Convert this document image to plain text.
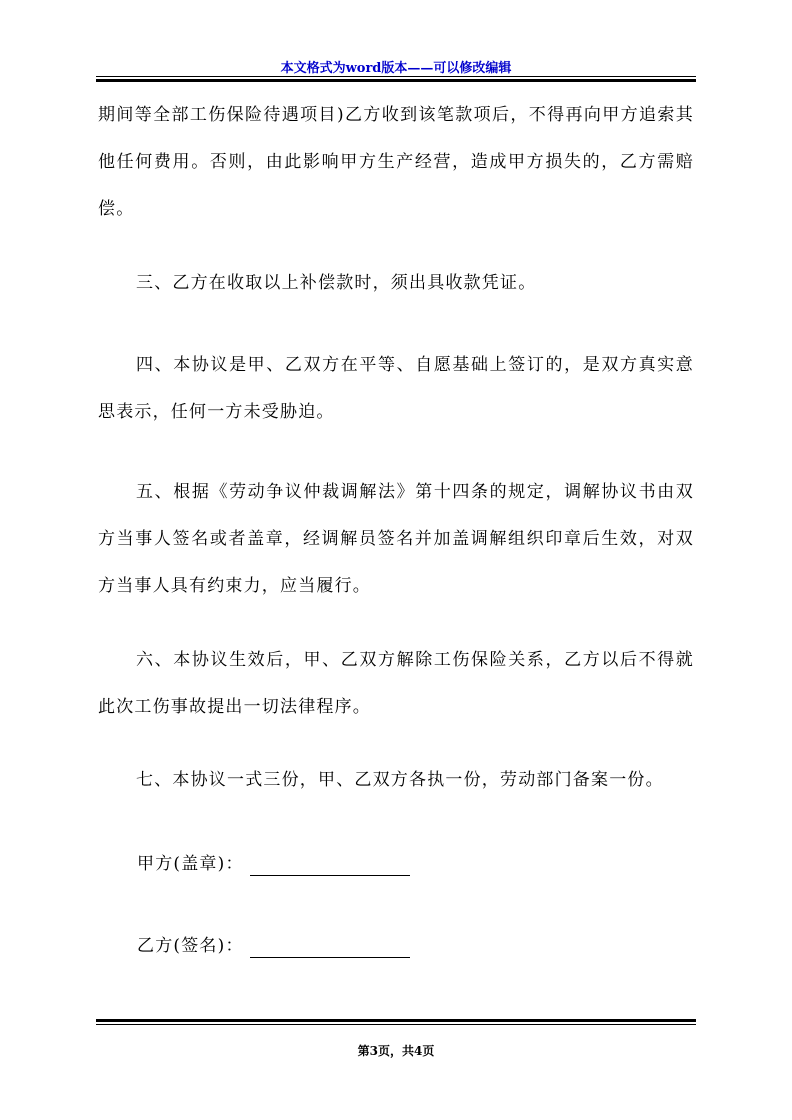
本文格式为word版本——可以修改编辑

期间等全部工伤保险待遇项目)乙方收到该笔款项后，不得再向甲方追索其他任何费用。否则，由此影响甲方生产经营，造成甲方损失的，乙方需赔偿。

三、乙方在收取以上补偿款时，须出具收款凭证。

四、本协议是甲、乙双方在平等、自愿基础上签订的，是双方真实意思表示，任何一方未受胁迫。

五、根据《劳动争议仲裁调解法》第十四条的规定，调解协议书由双方当事人签名或者盖章，经调解员签名并加盖调解组织印章后生效，对双方当事人具有约束力，应当履行。

六、本协议生效后，甲、乙双方解除工伤保险关系，乙方以后不得就此次工伤事故提出一切法律程序。

七、本协议一式三份，甲、乙双方各执一份，劳动部门备案一份。

甲方(盖章)：
乙方(签名)：
第3页，共4页
